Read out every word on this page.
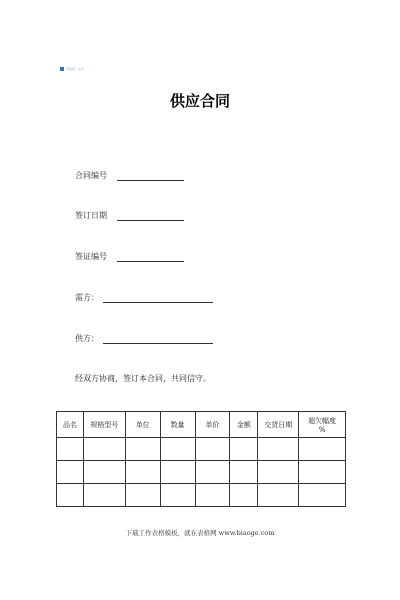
表格网 · 文档
供应合同
合同编号
签订日期
签证编号
需方：
供方：
经双方协商，签订本合同，共同信守。
品名	规格型号	单位	数量	单价	金额	交货日期	超欠幅度
%

下载工作表格模板，就在表格网 www.biaoge.com
